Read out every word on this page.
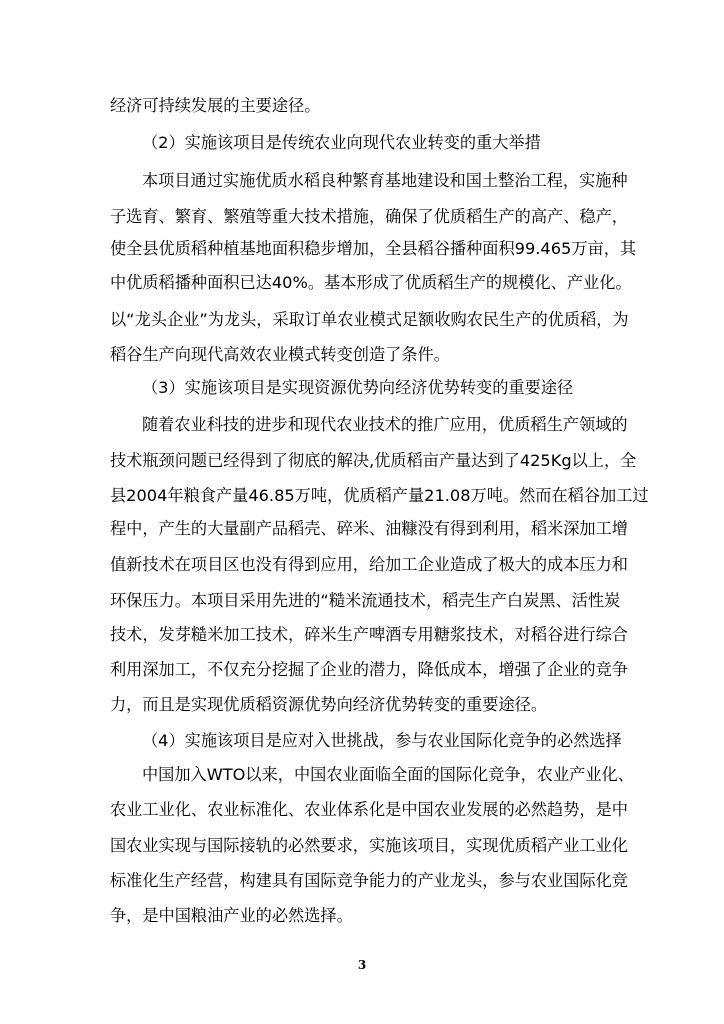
经济可持续发展的主要途径。
（2）实施该项目是传统农业向现代农业转变的重大举措
本项目通过实施优质水稻良种繁育基地建设和国土整治工程，实施种
子选育、繁育、繁殖等重大技术措施，确保了优质稻生产的高产、稳产，
使全县优质稻种植基地面积稳步增加，全县稻谷播种面积99.465万亩，其
中优质稻播种面积已达40%。基本形成了优质稻生产的规模化、产业化。
以“龙头企业”为龙头，采取订单农业模式足额收购农民生产的优质稻，为
稻谷生产向现代高效农业模式转变创造了条件。
（3）实施该项目是实现资源优势向经济优势转变的重要途径
随着农业科技的进步和现代农业技术的推广应用，优质稻生产领域的
技术瓶颈问题已经得到了彻底的解决,优质稻亩产量达到了425Kg以上，全
县2004年粮食产量46.85万吨，优质稻产量21.08万吨。然而在稻谷加工过
程中，产生的大量副产品稻壳、碎米、油糠没有得到利用，稻米深加工增
值新技术在项目区也没有得到应用，给加工企业造成了极大的成本压力和
环保压力。本项目采用先进的“糙米流通技术，稻壳生产白炭黑、活性炭
技术，发芽糙米加工技术，碎米生产啤酒专用糖浆技术，对稻谷进行综合
利用深加工，不仅充分挖掘了企业的潜力，降低成本，增强了企业的竞争
力，而且是实现优质稻资源优势向经济优势转变的重要途径。
（4）实施该项目是应对入世挑战，参与农业国际化竞争的必然选择
中国加入WTO以来，中国农业面临全面的国际化竞争，农业产业化、
农业工业化、农业标准化、农业体系化是中国农业发展的必然趋势，是中
国农业实现与国际接轨的必然要求，实施该项目，实现优质稻产业工业化
标准化生产经营，构建具有国际竞争能力的产业龙头，参与农业国际化竞
争，是中国粮油产业的必然选择。
3
